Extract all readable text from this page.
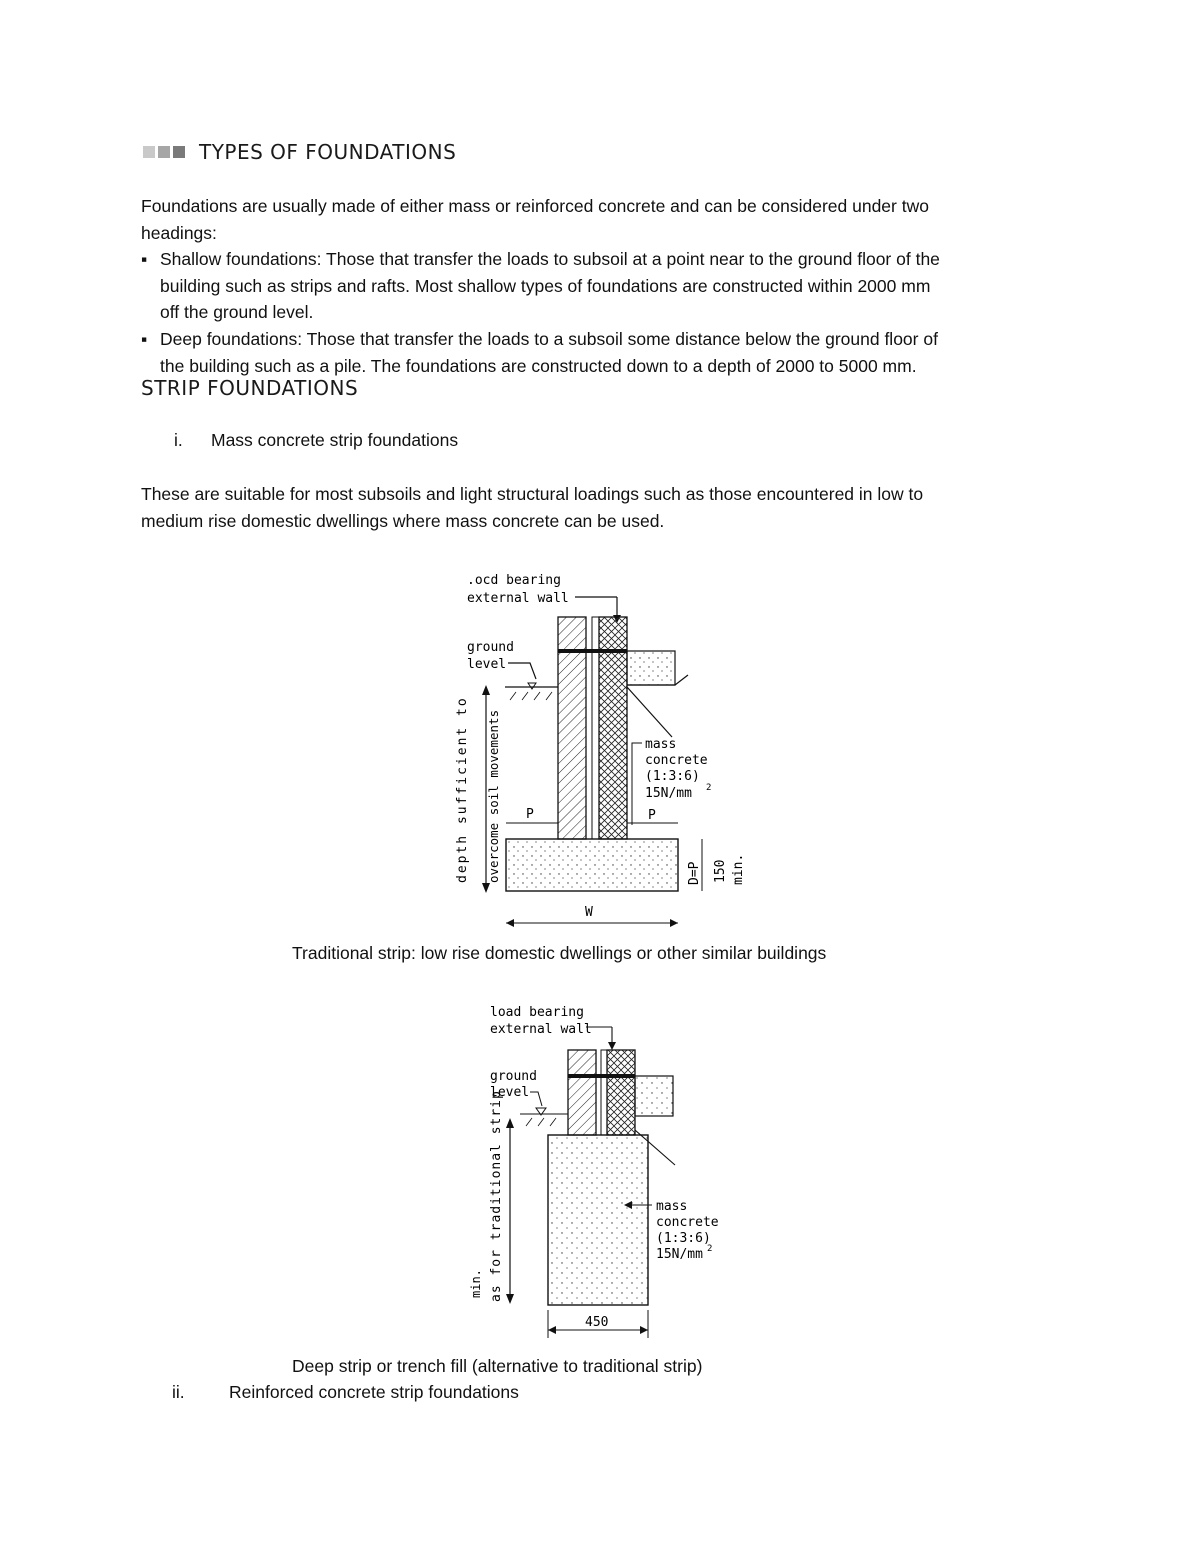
TYPES OF FOUNDATIONS
Foundations are usually made of either mass or reinforced concrete and can be considered under two
headings:
▪ Shallow foundations: Those that transfer the loads to subsoil at a point near to the ground floor of the
building such as strips and rafts. Most shallow types of foundations are constructed within 2000 mm
off the ground level.
▪ Deep foundations: Those that transfer the loads to a subsoil some distance below the ground floor of
the building such as a pile. The foundations are constructed down to a depth of 2000 to 5000 mm.
STRIP FOUNDATIONS
i. Mass concrete strip foundations
These are suitable for most subsoils and light structural loadings such as those encountered in low to
medium rise domestic dwellings where mass concrete can be used.
.ocd bearing
external wall
ground
level
depth sufficient to overcome soil movements	mass
concrete
(1:3:6)
15N/mm 2
P	P
D=P 150 min.
W
Traditional strip: low rise domestic dwellings or other similar buildings
load bearing
external wall
ground
level
as for traditional strip
min.
mass
concrete
(1:3:6)
15N/mm 2
450
Deep strip or trench fill (alternative to traditional strip)
ii.	Reinforced concrete strip foundations
